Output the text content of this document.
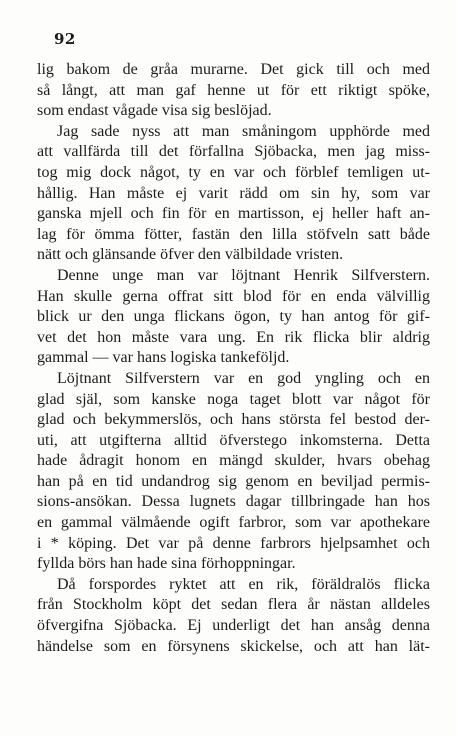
92
lig bakom de gråa murarne. Det gick till och med
så långt, att man gaf henne ut för ett riktigt spöke,
som endast vågade visa sig beslöjad.
Jag sade nyss att man småningom upphörde med
att vallfärda till det förfallna Sjöbacka, men jag miss-
tog mig dock något, ty en var och förblef temligen ut-
hållig. Han måste ej varit rädd om sin hy, som var
ganska mjell och fin för en martisson, ej heller haft an-
lag för ömma fötter, fastän den lilla stöfveln satt både
nätt och glänsande öfver den välbildade vristen.
Denne unge man var löjtnant Henrik Silfverstern.
Han skulle gerna offrat sitt blod för en enda välvillig
blick ur den unga flickans ögon, ty han antog för gif-
vet det hon måste vara ung. En rik flicka blir aldrig
gammal — var hans logiska tankeföljd.
Löjtnant Silfverstern var en god yngling och en
glad själ, som kanske noga taget blott var något för
glad och bekymmerslös, och hans största fel bestod der-
uti, att utgifterna alltid öfverstego inkomsterna. Detta
hade ådragit honom en mängd skulder, hvars obehag
han på en tid undandrog sig genom en beviljad permis-
sions-ansökan. Dessa lugnets dagar tillbringade han hos
en gammal välmående ogift farbror, som var apothekare
i * köping. Det var på denne farbrors hjelpsamhet och
fyllda börs han hade sina förhoppningar.
Då forspordes ryktet att en rik, föräldralös flicka
från Stockholm köpt det sedan flera år nästan alldeles
öfvergifna Sjöbacka. Ej underligt det han ansåg denna
händelse som en försynens skickelse, och att han lät-
